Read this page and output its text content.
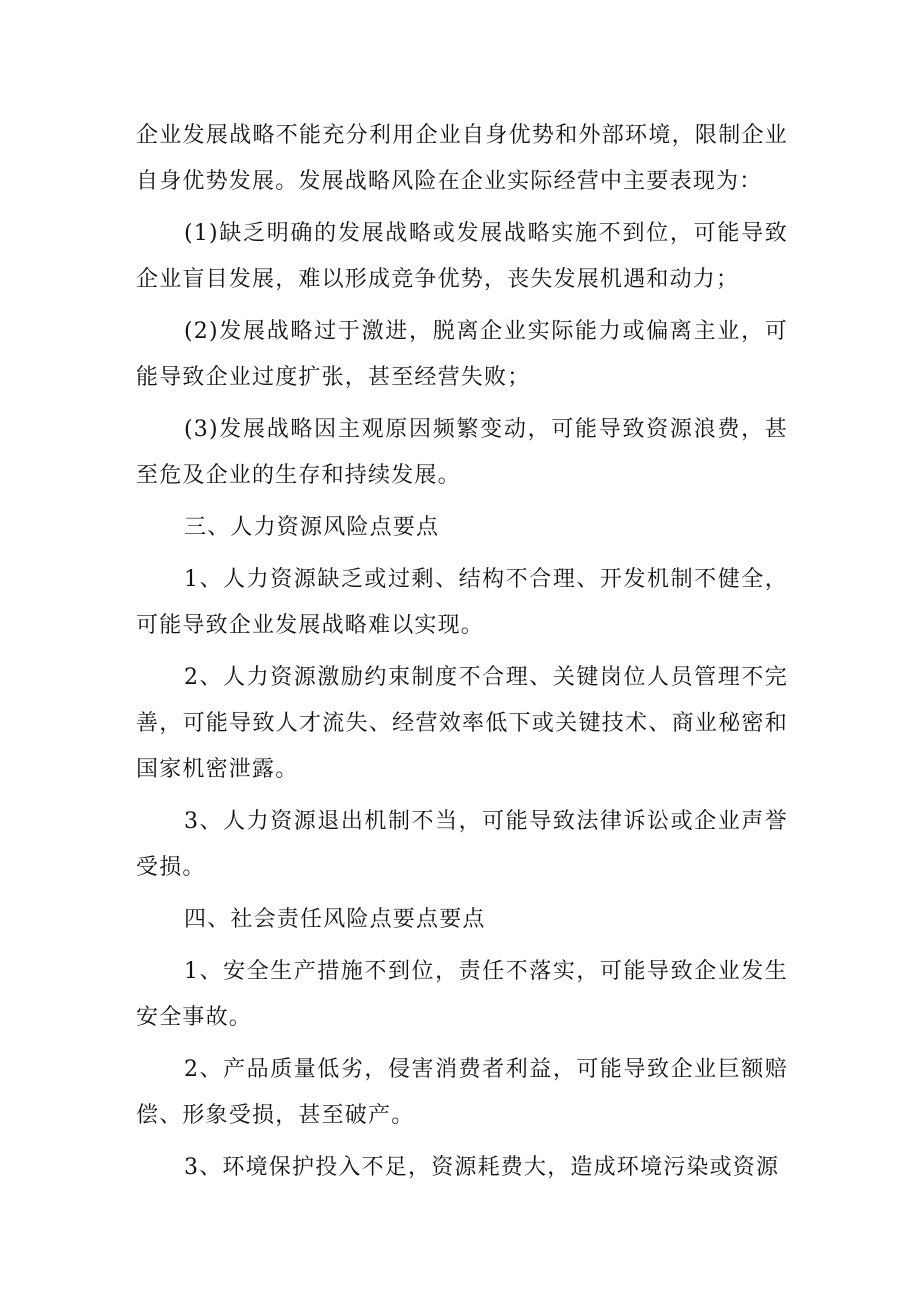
企业发展战略不能充分利用企业自身优势和外部环境，限制企业自身优势发展。发展战略风险在企业实际经营中主要表现为：

(1)缺乏明确的发展战略或发展战略实施不到位，可能导致企业盲目发展，难以形成竞争优势，丧失发展机遇和动力；

(2)发展战略过于激进，脱离企业实际能力或偏离主业，可能导致企业过度扩张，甚至经营失败；

(3)发展战略因主观原因频繁变动，可能导致资源浪费，甚至危及企业的生存和持续发展。

三、人力资源风险点要点

1、人力资源缺乏或过剩、结构不合理、开发机制不健全，可能导致企业发展战略难以实现。

2、人力资源激励约束制度不合理、关键岗位人员管理不完善，可能导致人才流失、经营效率低下或关键技术、商业秘密和国家机密泄露。

3、人力资源退出机制不当，可能导致法律诉讼或企业声誉受损。

四、社会责任风险点要点要点

1、安全生产措施不到位，责任不落实，可能导致企业发生安全事故。

2、产品质量低劣，侵害消费者利益，可能导致企业巨额赔偿、形象受损，甚至破产。

3、环境保护投入不足，资源耗费大，造成环境污染或资源
